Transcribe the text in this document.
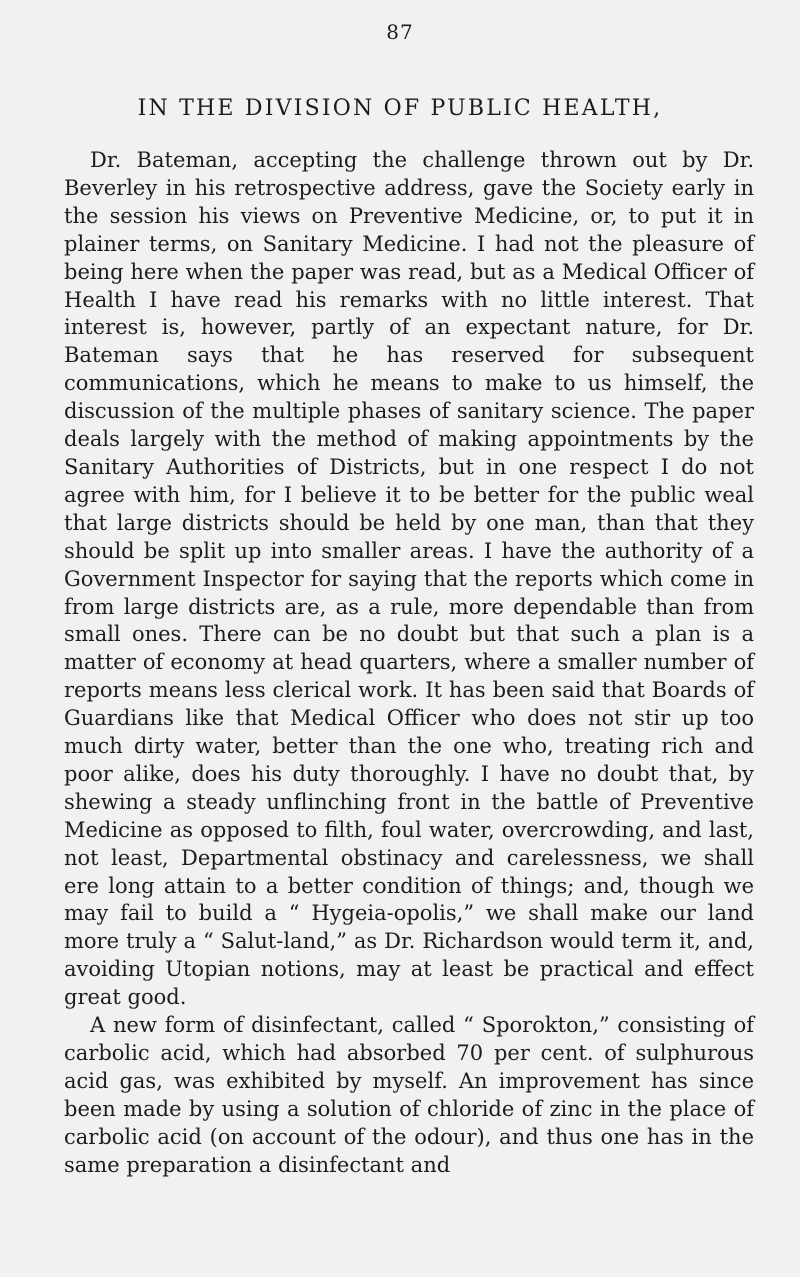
87
IN THE DIVISION OF PUBLIC HEALTH,

Dr. Bateman, accepting the challenge thrown out by Dr. Beverley in his retrospective address, gave the Society early in the session his views on Preventive Medicine, or, to put it in plainer terms, on Sanitary Medicine. I had not the pleasure of being here when the paper was read, but as a Medical Officer of Health I have read his remarks with no little interest. That interest is, however, partly of an expectant nature, for Dr. Bateman says that he has reserved for subsequent communications, which he means to make to us himself, the discussion of the multiple phases of sanitary science. The paper deals largely with the method of making appointments by the Sanitary Authorities of Districts, but in one respect I do not agree with him, for I believe it to be better for the public weal that large districts should be held by one man, than that they should be split up into smaller areas. I have the authority of a Government Inspector for saying that the reports which come in from large districts are, as a rule, more dependable than from small ones. There can be no doubt but that such a plan is a matter of economy at head quarters, where a smaller number of reports means less clerical work. It has been said that Boards of Guardians like that Medical Officer who does not stir up too much dirty water, better than the one who, treating rich and poor alike, does his duty thoroughly. I have no doubt that, by shewing a steady unflinching front in the battle of Preventive Medicine as opposed to filth, foul water, overcrowding, and last, not least, Departmental obstinacy and carelessness, we shall ere long attain to a better condition of things; and, though we may fail to build a “ Hygeia-opolis,” we shall make our land more truly a “ Salut-land,” as Dr. Richardson would term it, and, avoiding Utopian notions, may at least be practical and effect great good.

A new form of disinfectant, called “ Sporokton,” consisting of carbolic acid, which had absorbed 70 per cent. of sulphurous acid gas, was exhibited by myself. An improvement has since been made by using a solution of chloride of zinc in the place of carbolic acid (on account of the odour), and thus one has in the same preparation a disinfectant and
